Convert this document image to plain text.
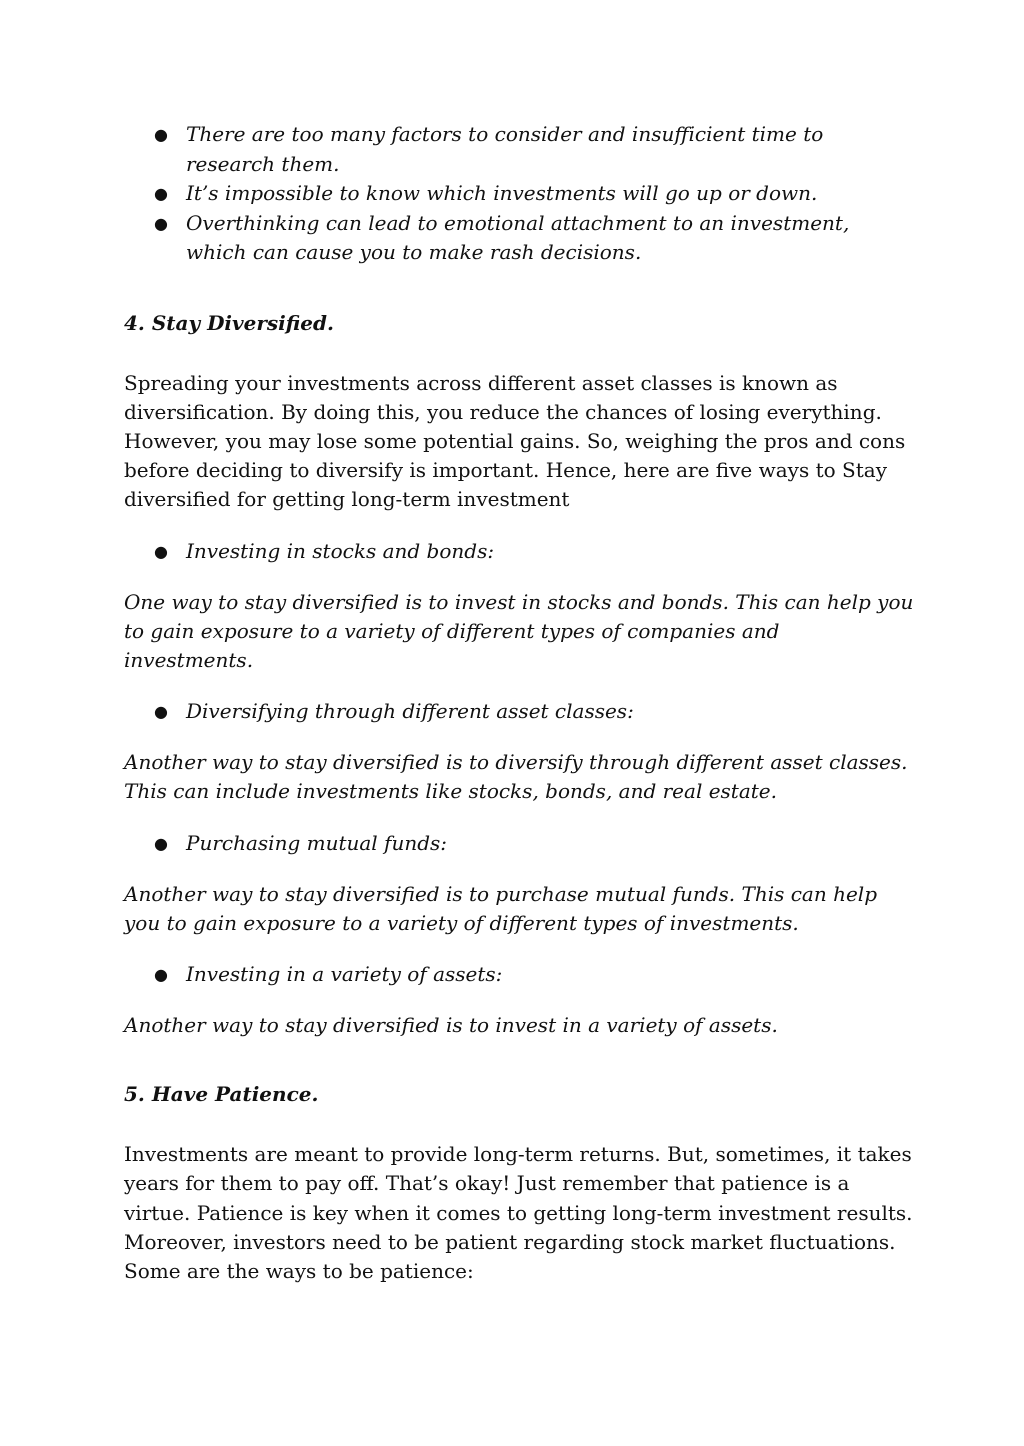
● There are too many factors to consider and insufficient time to research them.
● It’s impossible to know which investments will go up or down.
● Overthinking can lead to emotional attachment to an investment, which can cause you to make rash decisions.
4. Stay Diversified.

Spreading your investments across different asset classes is known as diversification. By doing this, you reduce the chances of losing everything. However, you may lose some potential gains. So, weighing the pros and cons before deciding to diversify is important. Hence, here are five ways to Stay diversified for getting long-term investment

● Investing in stocks and bonds:

One way to stay diversified is to invest in stocks and bonds. This can help you to gain exposure to a variety of different types of companies and investments.

● Diversifying through different asset classes:

Another way to stay diversified is to diversify through different asset classes. This can include investments like stocks, bonds, and real estate.

● Purchasing mutual funds:

Another way to stay diversified is to purchase mutual funds. This can help you to gain exposure to a variety of different types of investments.

● Investing in a variety of assets:

Another way to stay diversified is to invest in a variety of assets.

5. Have Patience.

Investments are meant to provide long-term returns. But, sometimes, it takes years for them to pay off. That’s okay! Just remember that patience is a virtue. Patience is key when it comes to getting long-term investment results. Moreover, investors need to be patient regarding stock market fluctuations. Some are the ways to be patience:
